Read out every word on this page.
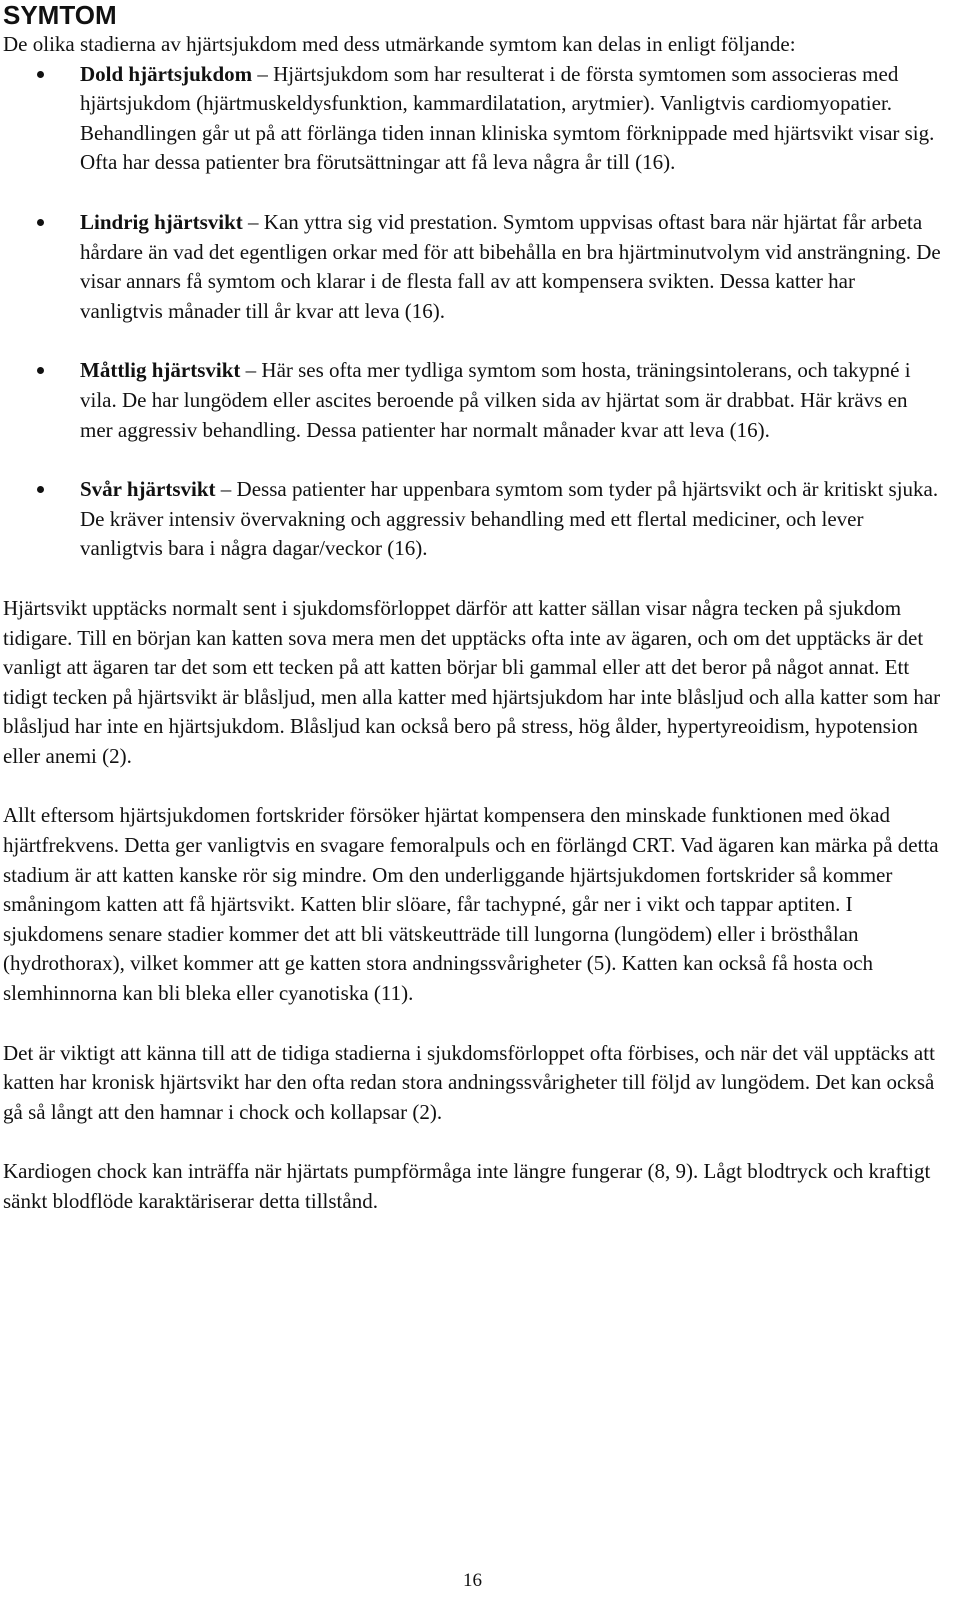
SYMTOM

De olika stadierna av hjärtsjukdom med dess utmärkande symtom kan delas in enligt följande:

Dold hjärtsjukdom – Hjärtsjukdom som har resulterat i de första symtomen som associeras med hjärtsjukdom (hjärtmuskeldysfunktion, kammardilatation, arytmier). Vanligtvis cardiomyopatier. Behandlingen går ut på att förlänga tiden innan kliniska symtom förknippade med hjärtsvikt visar sig. Ofta har dessa patienter bra förutsättningar att få leva några år till (16).
Lindrig hjärtsvikt – Kan yttra sig vid prestation. Symtom uppvisas oftast bara när hjärtat får arbeta hårdare än vad det egentligen orkar med för att bibehålla en bra hjärtminutvolym vid ansträngning. De visar annars få symtom och klarar i de flesta fall av att kompensera svikten. Dessa katter har vanligtvis månader till år kvar att leva (16).
Måttlig hjärtsvikt – Här ses ofta mer tydliga symtom som hosta, träningsintolerans, och takypné i vila. De har lungödem eller ascites beroende på vilken sida av hjärtat som är drabbat. Här krävs en mer aggressiv behandling. Dessa patienter har normalt månader kvar att leva (16).
Svår hjärtsvikt – Dessa patienter har uppenbara symtom som tyder på hjärtsvikt och är kritiskt sjuka. De kräver intensiv övervakning och aggressiv behandling med ett flertal mediciner, och lever vanligtvis bara i några dagar/veckor (16).

Hjärtsvikt upptäcks normalt sent i sjukdomsförloppet därför att katter sällan visar några tecken på sjukdom tidigare. Till en början kan katten sova mera men det upptäcks ofta inte av ägaren, och om det upptäcks är det vanligt att ägaren tar det som ett tecken på att katten börjar bli gammal eller att det beror på något annat. Ett tidigt tecken på hjärtsvikt är blåsljud, men alla katter med hjärtsjukdom har inte blåsljud och alla katter som har blåsljud har inte en hjärtsjukdom. Blåsljud kan också bero på stress, hög ålder, hypertyreoidism, hypotension eller anemi (2).

Allt eftersom hjärtsjukdomen fortskrider försöker hjärtat kompensera den minskade funktionen med ökad hjärtfrekvens. Detta ger vanligtvis en svagare femoralpuls och en förlängd CRT. Vad ägaren kan märka på detta stadium är att katten kanske rör sig mindre. Om den underliggande hjärtsjukdomen fortskrider så kommer småningom katten att få hjärtsvikt. Katten blir slöare, får tachypné, går ner i vikt och tappar aptiten. I sjukdomens senare stadier kommer det att bli vätskeutträde till lungorna (lungödem) eller i brösthålan (hydrothorax), vilket kommer att ge katten stora andningssvårigheter (5). Katten kan också få hosta och slemhinnorna kan bli bleka eller cyanotiska (11).

Det är viktigt att känna till att de tidiga stadierna i sjukdomsförloppet ofta förbises, och när det väl upptäcks att katten har kronisk hjärtsvikt har den ofta redan stora andningssvårigheter till följd av lungödem. Det kan också gå så långt att den hamnar i chock och kollapsar (2).

Kardiogen chock kan inträffa när hjärtats pumpförmåga inte längre fungerar (8, 9). Lågt blodtryck och kraftigt sänkt blodflöde karaktäriserar detta tillstånd.

16
